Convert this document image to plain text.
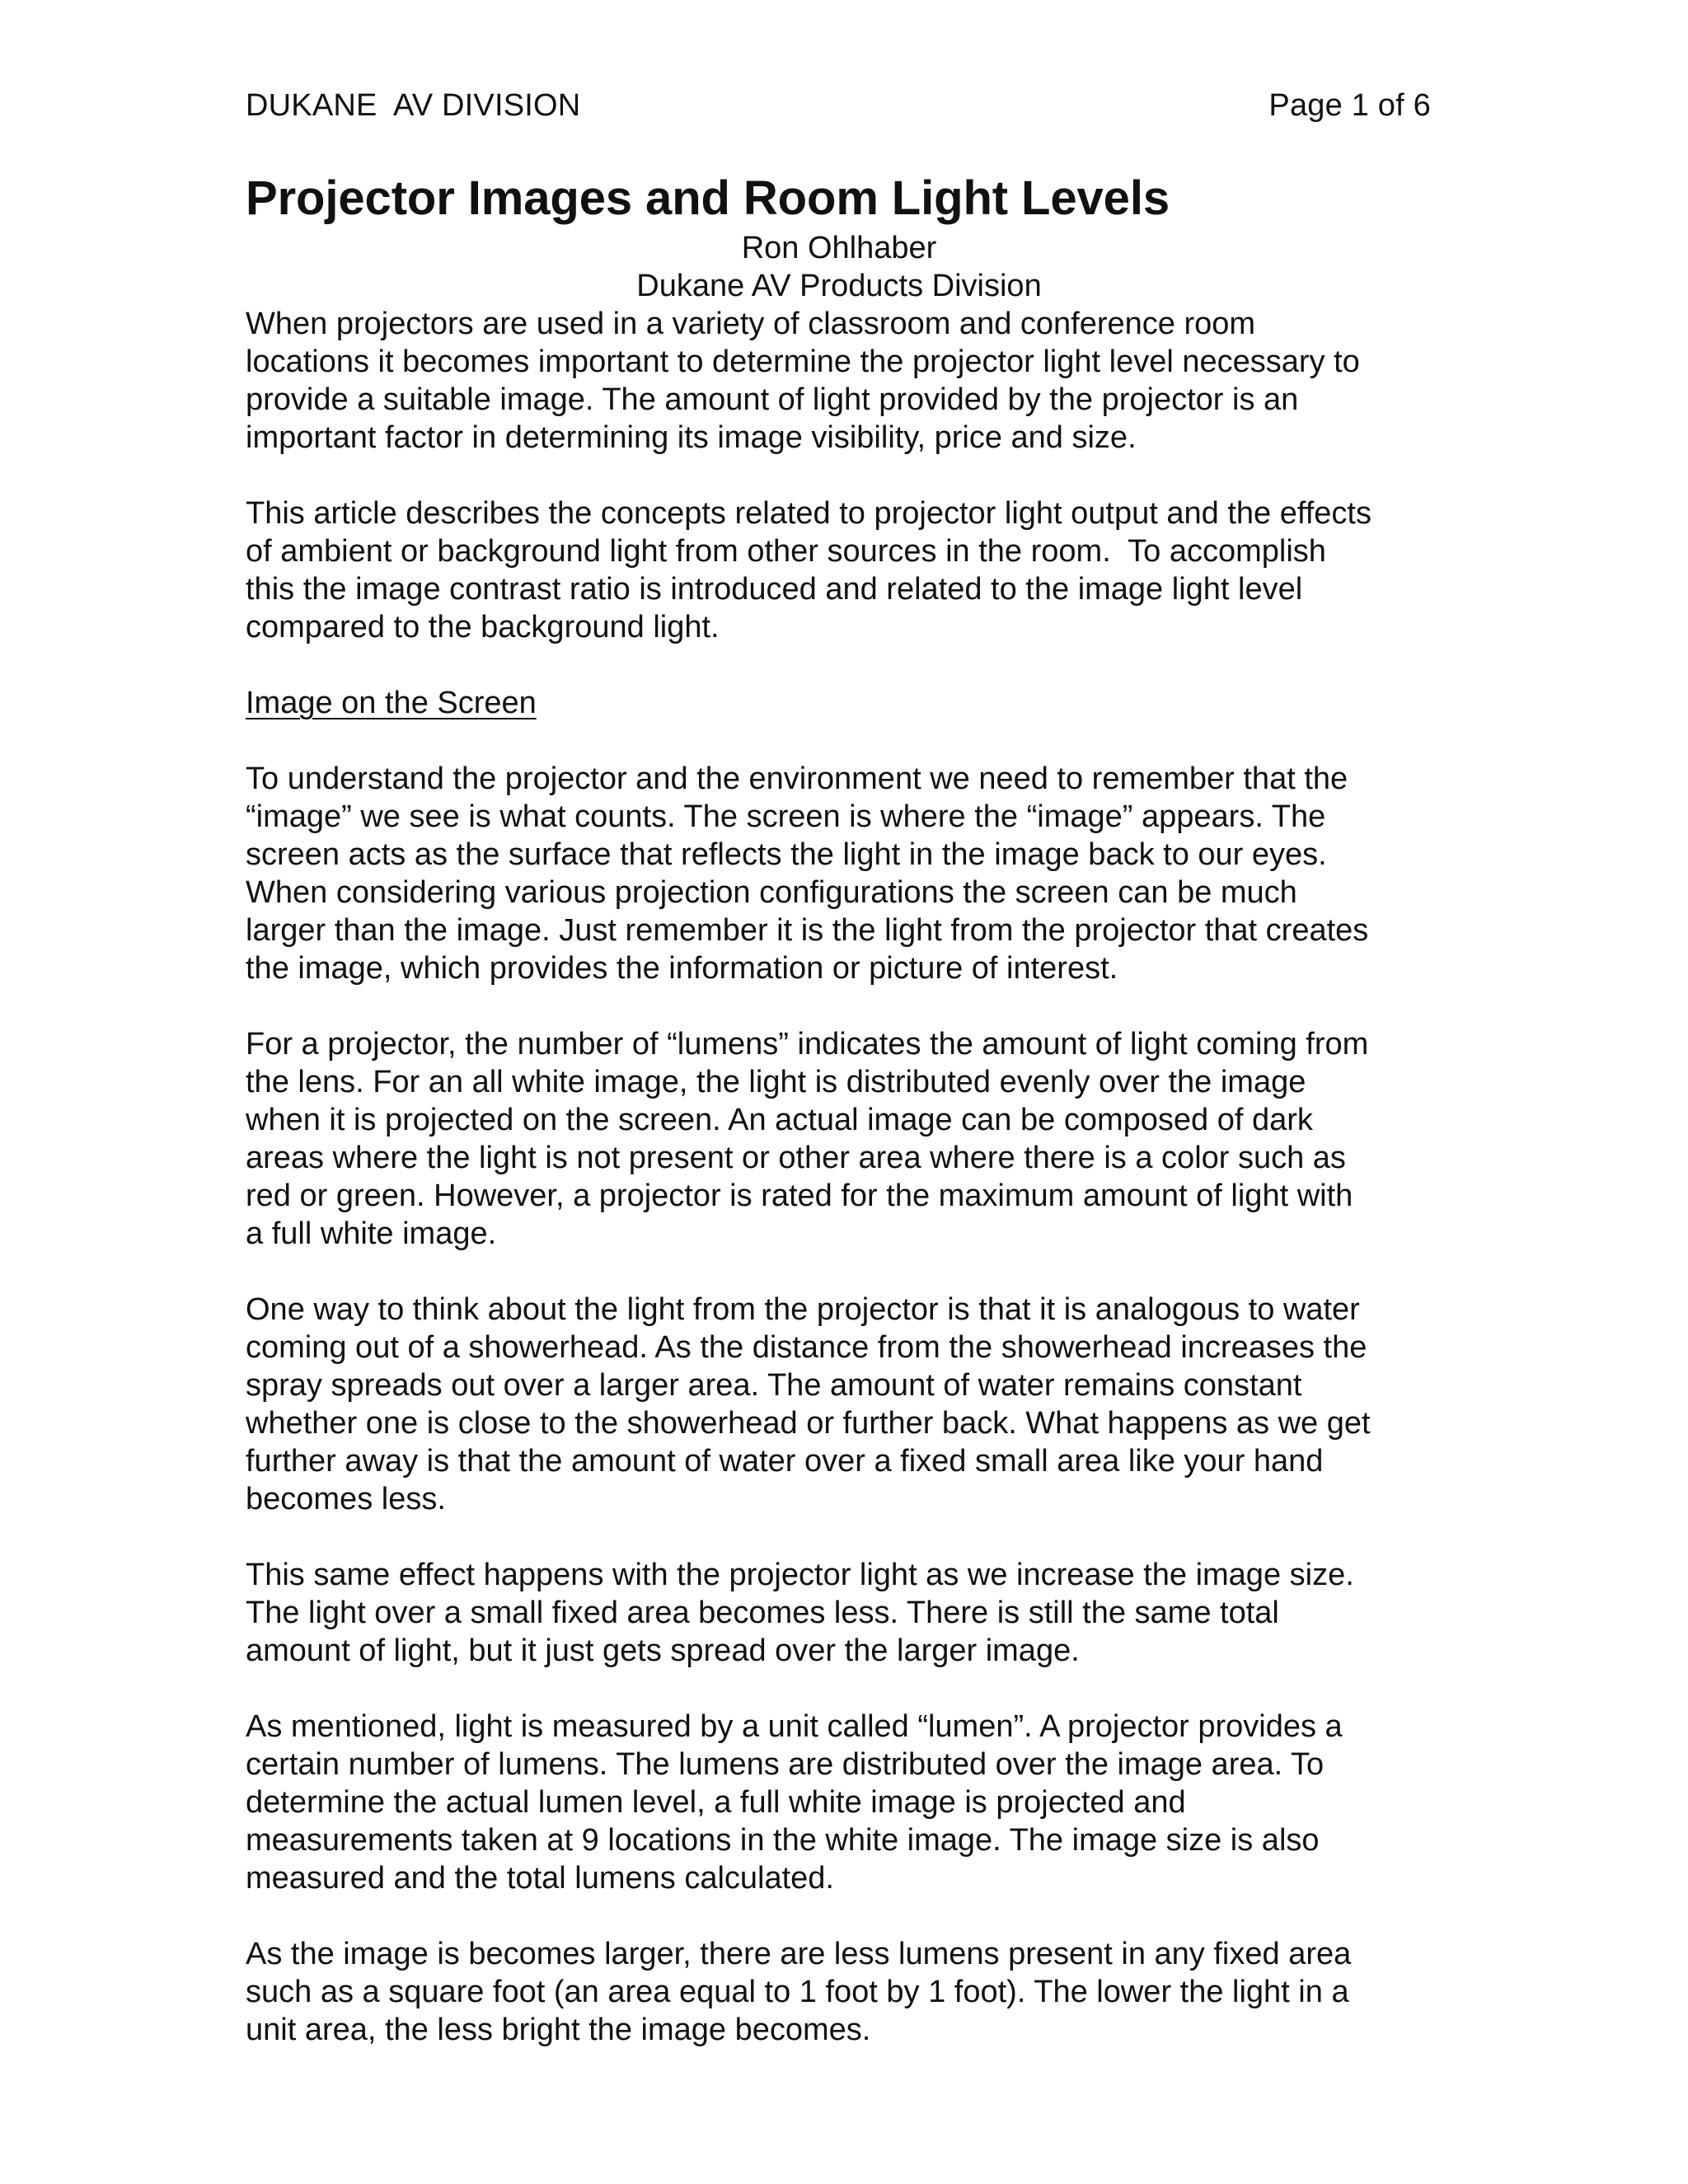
DUKANE  AV DIVISION	Page 1 of 6
Projector Images and Room Light Levels
Ron Ohlhaber
Dukane AV Products Division

When projectors are used in a variety of classroom and conference room
locations it becomes important to determine the projector light level necessary to
provide a suitable image. The amount of light provided by the projector is an
important factor in determining its image visibility, price and size.

This article describes the concepts related to projector light output and the effects
of ambient or background light from other sources in the room.  To accomplish
this the image contrast ratio is introduced and related to the image light level
compared to the background light.

Image on the Screen

To understand the projector and the environment we need to remember that the
“image” we see is what counts. The screen is where the “image” appears. The
screen acts as the surface that reflects the light in the image back to our eyes.
When considering various projection configurations the screen can be much
larger than the image. Just remember it is the light from the projector that creates
the image, which provides the information or picture of interest.

For a projector, the number of “lumens” indicates the amount of light coming from
the lens. For an all white image, the light is distributed evenly over the image
when it is projected on the screen. An actual image can be composed of dark
areas where the light is not present or other area where there is a color such as
red or green. However, a projector is rated for the maximum amount of light with
a full white image.

One way to think about the light from the projector is that it is analogous to water
coming out of a showerhead. As the distance from the showerhead increases the
spray spreads out over a larger area. The amount of water remains constant
whether one is close to the showerhead or further back. What happens as we get
further away is that the amount of water over a fixed small area like your hand
becomes less.

This same effect happens with the projector light as we increase the image size.
The light over a small fixed area becomes less. There is still the same total
amount of light, but it just gets spread over the larger image.

As mentioned, light is measured by a unit called “lumen”. A projector provides a
certain number of lumens. The lumens are distributed over the image area. To
determine the actual lumen level, a full white image is projected and
measurements taken at 9 locations in the white image. The image size is also
measured and the total lumens calculated.

As the image is becomes larger, there are less lumens present in any fixed area
such as a square foot (an area equal to 1 foot by 1 foot). The lower the light in a
unit area, the less bright the image becomes.
